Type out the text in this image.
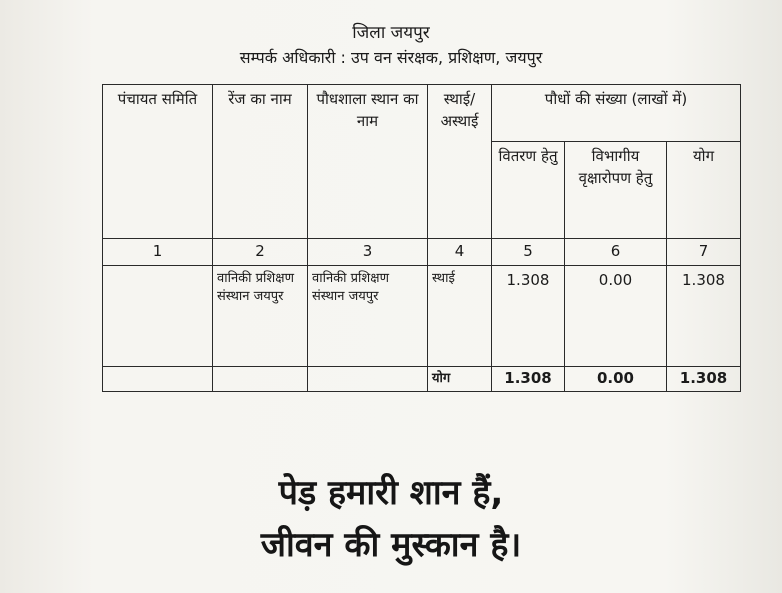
जिला जयपुर
सम्पर्क अधिकारी : उप वन संरक्षक, प्रशिक्षण, जयपुर
पंचायत समिति	रेंज का नाम	पौधशाला स्थान का नाम	स्थाई/ अस्थाई	पौधों की संख्या (लाखों में)		
				वितरण हेतु	विभागीय वृक्षारोपण हेतु	योग
1	2	3	4	5	6	7
	वानिकी प्रशिक्षण संस्थान जयपुर	वानिकी प्रशिक्षण संस्थान जयपुर	स्थाई	1.308	0.00	1.308
			योग	1.308	0.00	1.308
पेड़ हमारी शान हैं,
जीवन की मुस्कान है।
